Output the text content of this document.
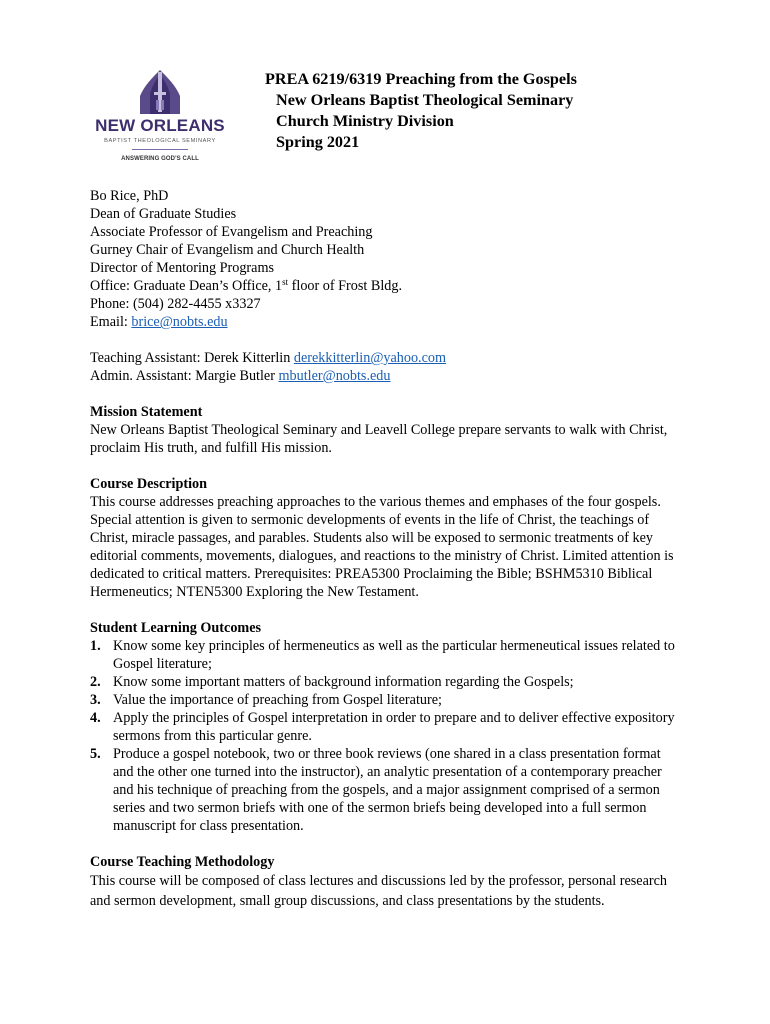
NEW ORLEANS
BAPTIST THEOLOGICAL SEMINARY
ANSWERING GOD'S CALL
PREA 6219/6319 Preaching from the Gospels
New Orleans Baptist Theological Seminary
Church Ministry Division
Spring 2021

Bo Rice, PhD

Dean of Graduate Studies

Associate Professor of Evangelism and Preaching

Gurney Chair of Evangelism and Church Health

Director of Mentoring Programs

Office: Graduate Dean’s Office, 1st floor of Frost Bldg.

Phone: (504) 282-4455 x3327

Email: brice@nobts.edu

Teaching Assistant: Derek Kitterlin derekkitterlin@yahoo.com

Admin. Assistant: Margie Butler mbutler@nobts.edu

Mission Statement

New Orleans Baptist Theological Seminary and Leavell College prepare servants to walk with Christ, proclaim His truth, and fulfill His mission.

Course Description

This course addresses preaching approaches to the various themes and emphases of the four gospels. Special attention is given to sermonic developments of events in the life of Christ, the teachings of Christ, miracle passages, and parables. Students also will be exposed to sermonic treatments of key editorial comments, movements, dialogues, and reactions to the ministry of Christ. Limited attention is dedicated to critical matters. Prerequisites: PREA5300 Proclaiming the Bible; BSHM5310 Biblical Hermeneutics; NTEN5300 Exploring the New Testament.

Student Learning Outcomes

1. Know some key principles of hermeneutics as well as the particular hermeneutical issues related to Gospel literature;
2. Know some important matters of background information regarding the Gospels;
3. Value the importance of preaching from Gospel literature;
4. Apply the principles of Gospel interpretation in order to prepare and to deliver effective expository sermons from this particular genre.
5. Produce a gospel notebook, two or three book reviews (one shared in a class presentation format and the other one turned into the instructor), an analytic presentation of a contemporary preacher and his technique of preaching from the gospels, and a major assignment comprised of a sermon series and two sermon briefs with one of the sermon briefs being developed into a full sermon manuscript for class presentation.

Course Teaching Methodology

This course will be composed of class lectures and discussions led by the professor, personal research and sermon development, small group discussions, and class presentations by the students.
